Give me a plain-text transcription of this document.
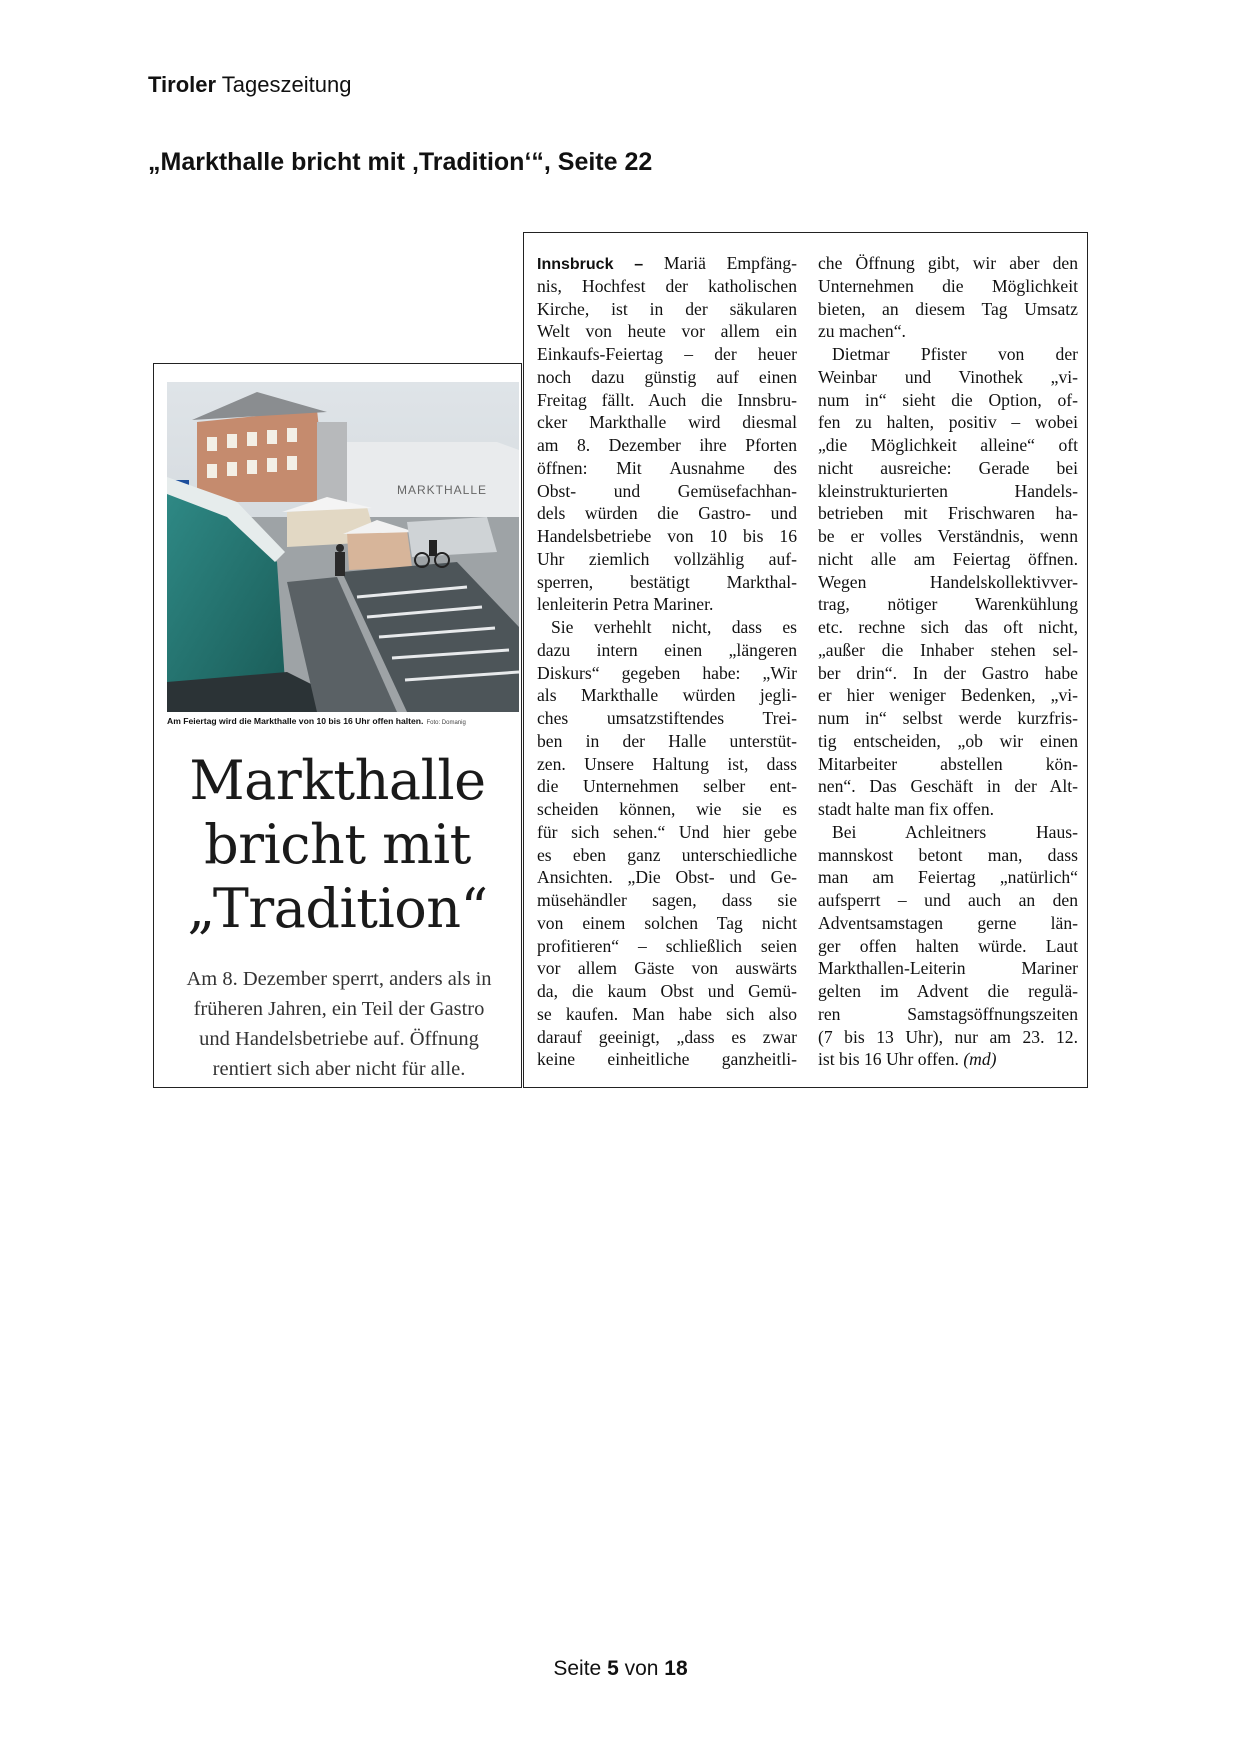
Tiroler Tageszeitung
„Markthalle bricht mit ‚Tradition‘“, Seite 22
MARKTHALLE
Am Feiertag wird die Markthalle von 10 bis 16 Uhr offen halten. Foto: Domanig
Markthalle
bricht mit
„Tradition“
Am 8. Dezember sperrt, anders als in
früheren Jahren, ein Teil der Gastro
und Handelsbetriebe auf. Öffnung
rentiert sich aber nicht für alle.
Innsbruck – Mariä Empfäng-
nis, Hochfest der katholischen
Kirche, ist in der säkularen
Welt von heute vor allem ein
Einkaufs-Feiertag – der heuer
noch dazu günstig auf einen
Freitag fällt. Auch die Innsbru-
cker Markthalle wird diesmal
am 8. Dezember ihre Pforten
öffnen: Mit Ausnahme des
Obst- und Gemüsefachhan-
dels würden die Gastro- und
Handelsbetriebe von 10 bis 16
Uhr ziemlich vollzählig auf-
sperren, bestätigt Markthal-
lenleiterin Petra Mariner.
Sie verhehlt nicht, dass es
dazu intern einen „längeren
Diskurs“ gegeben habe: „Wir
als Markthalle würden jegli-
ches umsatzstiftendes Trei-
ben in der Halle unterstüt-
zen. Unsere Haltung ist, dass
die Unternehmen selber ent-
scheiden können, wie sie es
für sich sehen.“ Und hier gebe
es eben ganz unterschiedliche
Ansichten. „Die Obst- und Ge-
müsehändler sagen, dass sie
von einem solchen Tag nicht
profitieren“ – schließlich seien
vor allem Gäste von auswärts
da, die kaum Obst und Gemü-
se kaufen. Man habe sich also
darauf geeinigt, „dass es zwar
keine einheitliche ganzheitli-
che Öffnung gibt, wir aber den
Unternehmen die Möglichkeit
bieten, an diesem Tag Umsatz
zu machen“.
Dietmar Pfister von der
Weinbar und Vinothek „vi-
num in“ sieht die Option, of-
fen zu halten, positiv – wobei
„die Möglichkeit alleine“ oft
nicht ausreiche: Gerade bei
kleinstrukturierten Handels-
betrieben mit Frischwaren ha-
be er volles Verständnis, wenn
nicht alle am Feiertag öffnen.
Wegen Handelskollektivver-
trag, nötiger Warenkühlung
etc. rechne sich das oft nicht,
„außer die Inhaber stehen sel-
ber drin“. In der Gastro habe
er hier weniger Bedenken, „vi-
num in“ selbst werde kurzfris-
tig entscheiden, „ob wir einen
Mitarbeiter abstellen kön-
nen“. Das Geschäft in der Alt-
stadt halte man fix offen.
Bei Achleitners Haus-
mannskost betont man, dass
man am Feiertag „natürlich“
aufsperrt – und auch an den
Adventsamstagen gerne län-
ger offen halten würde. Laut
Markthallen-Leiterin Mariner
gelten im Advent die regulä-
ren Samstagsöffnungszeiten
(7 bis 13 Uhr), nur am 23. 12.
ist bis 16 Uhr offen. (md)
Seite 5 von 18
